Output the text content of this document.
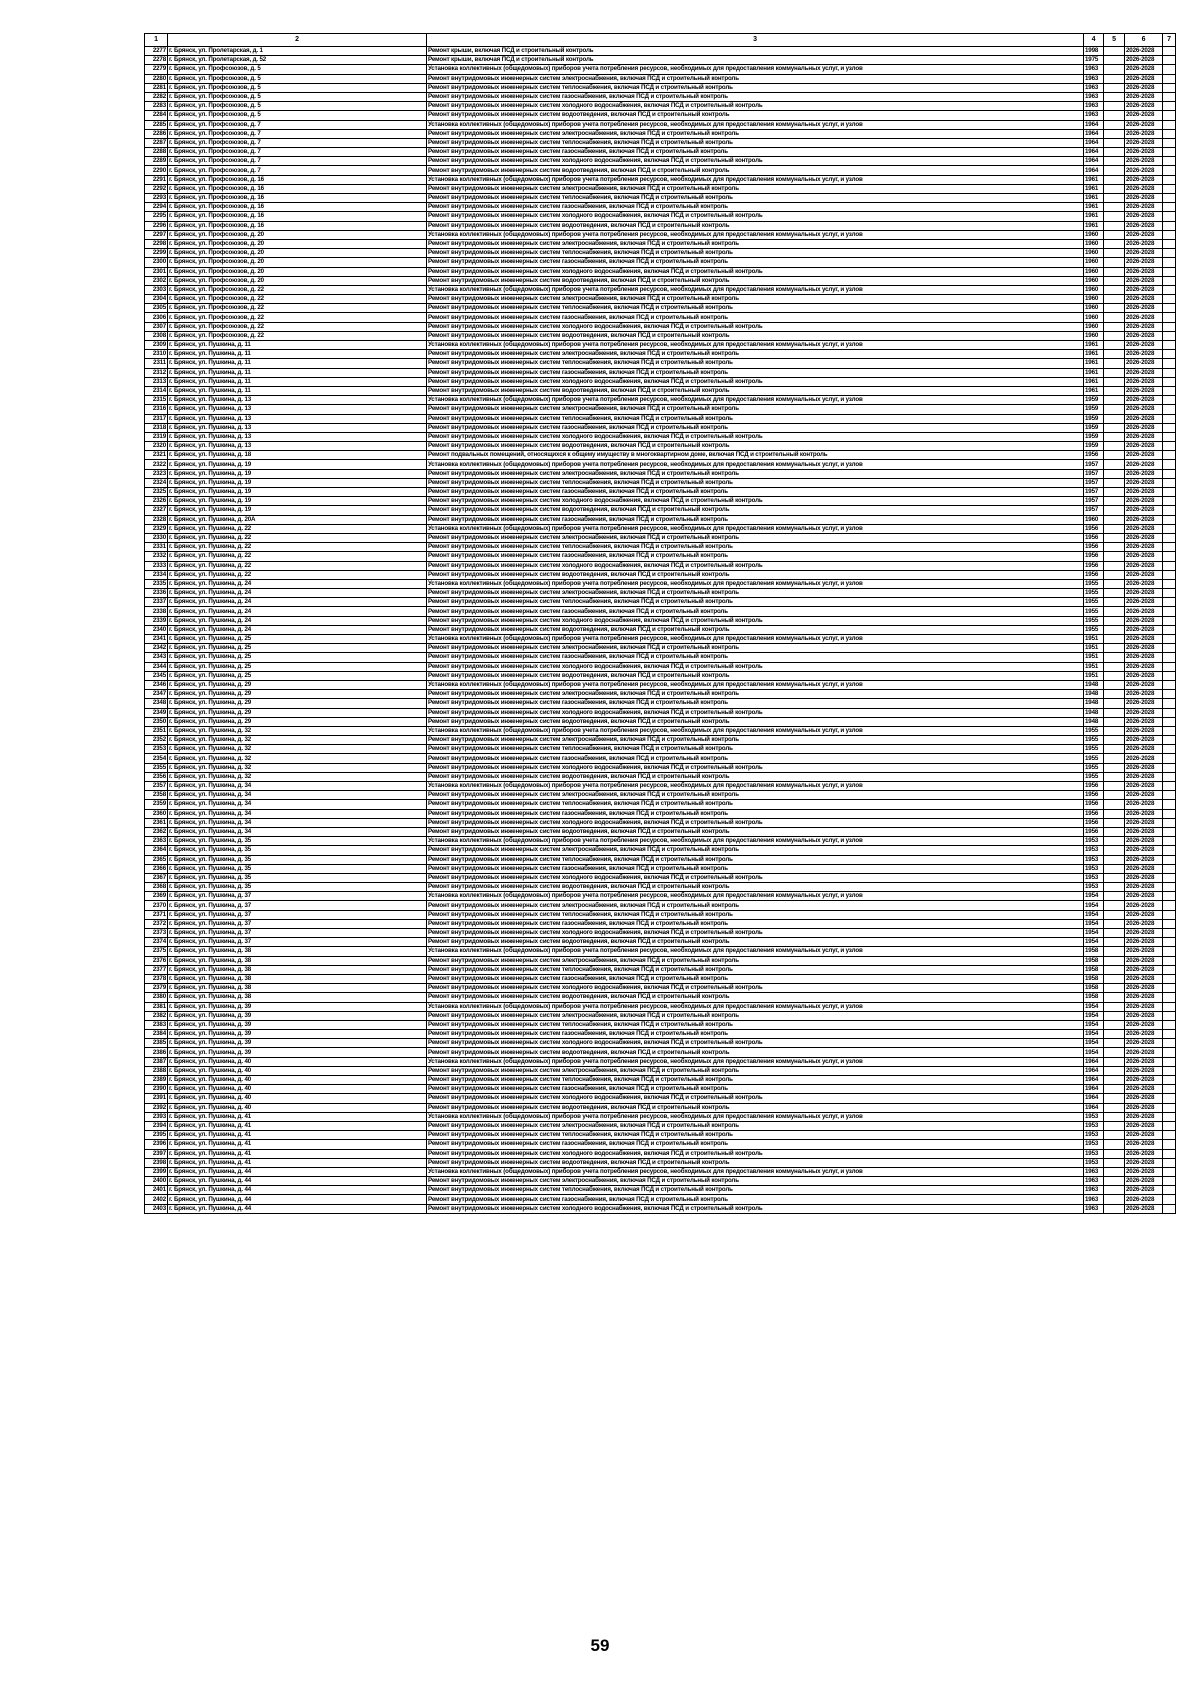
1	2	3	4	5	6	7
2277	г. Брянск, ул. Пролетарская, д. 1	Ремонт крыши, включая ПСД и строительный контроль	1998		2026-2028	
2278	г. Брянск, ул. Пролетарская, д. 52	Ремонт крыши, включая ПСД и строительный контроль	1975		2026-2028	
2279	г. Брянск, ул. Профсоюзов, д. 5	Установка коллективных (общедомовых) приборов учета потребления ресурсов, необходимых для предоставления коммунальных услуг, и узлов	1963		2026-2028	
2280	г. Брянск, ул. Профсоюзов, д. 5	Ремонт внутридомовых инженерных систем электроснабжения, включая ПСД и строительный контроль	1963		2026-2028	
2281	г. Брянск, ул. Профсоюзов, д. 5	Ремонт внутридомовых инженерных систем теплоснабжения, включая ПСД и строительный контроль	1963		2026-2028	
2282	г. Брянск, ул. Профсоюзов, д. 5	Ремонт внутридомовых инженерных систем газоснабжения, включая ПСД и строительный контроль	1963		2026-2028	
2283	г. Брянск, ул. Профсоюзов, д. 5	Ремонт внутридомовых инженерных систем холодного водоснабжения, включая ПСД и строительный контроль	1963		2026-2028	
2284	г. Брянск, ул. Профсоюзов, д. 5	Ремонт внутридомовых инженерных систем водоотведения, включая ПСД и строительный контроль	1963		2026-2028	
2285	г. Брянск, ул. Профсоюзов, д. 7	Установка коллективных (общедомовых) приборов учета потребления ресурсов, необходимых для предоставления коммунальных услуг, и узлов	1964		2026-2028	
2286	г. Брянск, ул. Профсоюзов, д. 7	Ремонт внутридомовых инженерных систем электроснабжения, включая ПСД и строительный контроль	1964		2026-2028	
2287	г. Брянск, ул. Профсоюзов, д. 7	Ремонт внутридомовых инженерных систем теплоснабжения, включая ПСД и строительный контроль	1964		2026-2028	
2288	г. Брянск, ул. Профсоюзов, д. 7	Ремонт внутридомовых инженерных систем газоснабжения, включая ПСД и строительный контроль	1964		2026-2028	
2289	г. Брянск, ул. Профсоюзов, д. 7	Ремонт внутридомовых инженерных систем холодного водоснабжения, включая ПСД и строительный контроль	1964		2026-2028	
2290	г. Брянск, ул. Профсоюзов, д. 7	Ремонт внутридомовых инженерных систем водоотведения, включая ПСД и строительный контроль	1964		2026-2028	
2291	г. Брянск, ул. Профсоюзов, д. 16	Установка коллективных (общедомовых) приборов учета потребления ресурсов, необходимых для предоставления коммунальных услуг, и узлов	1961		2026-2028	
2292	г. Брянск, ул. Профсоюзов, д. 16	Ремонт внутридомовых инженерных систем электроснабжения, включая ПСД и строительный контроль	1961		2026-2028	
2293	г. Брянск, ул. Профсоюзов, д. 16	Ремонт внутридомовых инженерных систем теплоснабжения, включая ПСД и строительный контроль	1961		2026-2028	
2294	г. Брянск, ул. Профсоюзов, д. 16	Ремонт внутридомовых инженерных систем газоснабжения, включая ПСД и строительный контроль	1961		2026-2028	
2295	г. Брянск, ул. Профсоюзов, д. 16	Ремонт внутридомовых инженерных систем холодного водоснабжения, включая ПСД и строительный контроль	1961		2026-2028	
2296	г. Брянск, ул. Профсоюзов, д. 16	Ремонт внутридомовых инженерных систем водоотведения, включая ПСД и строительный контроль	1961		2026-2028	
2297	г. Брянск, ул. Профсоюзов, д. 20	Установка коллективных (общедомовых) приборов учета потребления ресурсов, необходимых для предоставления коммунальных услуг, и узлов	1960		2026-2028	
2298	г. Брянск, ул. Профсоюзов, д. 20	Ремонт внутридомовых инженерных систем электроснабжения, включая ПСД и строительный контроль	1960		2026-2028	
2299	г. Брянск, ул. Профсоюзов, д. 20	Ремонт внутридомовых инженерных систем теплоснабжения, включая ПСД и строительный контроль	1960		2026-2028	
2300	г. Брянск, ул. Профсоюзов, д. 20	Ремонт внутридомовых инженерных систем газоснабжения, включая ПСД и строительный контроль	1960		2026-2028	
2301	г. Брянск, ул. Профсоюзов, д. 20	Ремонт внутридомовых инженерных систем холодного водоснабжения, включая ПСД и строительный контроль	1960		2026-2028	
2302	г. Брянск, ул. Профсоюзов, д. 20	Ремонт внутридомовых инженерных систем водоотведения, включая ПСД и строительный контроль	1960		2026-2028	
2303	г. Брянск, ул. Профсоюзов, д. 22	Установка коллективных (общедомовых) приборов учета потребления ресурсов, необходимых для предоставления коммунальных услуг, и узлов	1960		2026-2028	
2304	г. Брянск, ул. Профсоюзов, д. 22	Ремонт внутридомовых инженерных систем электроснабжения, включая ПСД и строительный контроль	1960		2026-2028	
2305	г. Брянск, ул. Профсоюзов, д. 22	Ремонт внутридомовых инженерных систем теплоснабжения, включая ПСД и строительный контроль	1960		2026-2028	
2306	г. Брянск, ул. Профсоюзов, д. 22	Ремонт внутридомовых инженерных систем газоснабжения, включая ПСД и строительный контроль	1960		2026-2028	
2307	г. Брянск, ул. Профсоюзов, д. 22	Ремонт внутридомовых инженерных систем холодного водоснабжения, включая ПСД и строительный контроль	1960		2026-2028	
2308	г. Брянск, ул. Профсоюзов, д. 22	Ремонт внутридомовых инженерных систем водоотведения, включая ПСД и строительный контроль	1960		2026-2028	
2309	г. Брянск, ул. Пушкина, д. 11	Установка коллективных (общедомовых) приборов учета потребления ресурсов, необходимых для предоставления коммунальных услуг, и узлов	1961		2026-2028	
2310	г. Брянск, ул. Пушкина, д. 11	Ремонт внутридомовых инженерных систем электроснабжения, включая ПСД и строительный контроль	1961		2026-2028	
2311	г. Брянск, ул. Пушкина, д. 11	Ремонт внутридомовых инженерных систем теплоснабжения, включая ПСД и строительный контроль	1961		2026-2028	
2312	г. Брянск, ул. Пушкина, д. 11	Ремонт внутридомовых инженерных систем газоснабжения, включая ПСД и строительный контроль	1961		2026-2028	
2313	г. Брянск, ул. Пушкина, д. 11	Ремонт внутридомовых инженерных систем холодного водоснабжения, включая ПСД и строительный контроль	1961		2026-2028	
2314	г. Брянск, ул. Пушкина, д. 11	Ремонт внутридомовых инженерных систем водоотведения, включая ПСД и строительный контроль	1961		2026-2028	
2315	г. Брянск, ул. Пушкина, д. 13	Установка коллективных (общедомовых) приборов учета потребления ресурсов, необходимых для предоставления коммунальных услуг, и узлов	1959		2026-2028	
2316	г. Брянск, ул. Пушкина, д. 13	Ремонт внутридомовых инженерных систем электроснабжения, включая ПСД и строительный контроль	1959		2026-2028	
2317	г. Брянск, ул. Пушкина, д. 13	Ремонт внутридомовых инженерных систем теплоснабжения, включая ПСД и строительный контроль	1959		2026-2028	
2318	г. Брянск, ул. Пушкина, д. 13	Ремонт внутридомовых инженерных систем газоснабжения, включая ПСД и строительный контроль	1959		2026-2028	
2319	г. Брянск, ул. Пушкина, д. 13	Ремонт внутридомовых инженерных систем холодного водоснабжения, включая ПСД и строительный контроль	1959		2026-2028	
2320	г. Брянск, ул. Пушкина, д. 13	Ремонт внутридомовых инженерных систем водоотведения, включая ПСД и строительный контроль	1959		2026-2028	
2321	г. Брянск, ул. Пушкина, д. 18	Ремонт подвальных помещений, относящихся к общему имуществу в многоквартирном доме, включая ПСД и строительный контроль	1956		2026-2028	
2322	г. Брянск, ул. Пушкина, д. 19	Установка коллективных (общедомовых) приборов учета потребления ресурсов, необходимых для предоставления коммунальных услуг, и узлов	1957		2026-2028	
2323	г. Брянск, ул. Пушкина, д. 19	Ремонт внутридомовых инженерных систем электроснабжения, включая ПСД и строительный контроль	1957		2026-2028	
2324	г. Брянск, ул. Пушкина, д. 19	Ремонт внутридомовых инженерных систем теплоснабжения, включая ПСД и строительный контроль	1957		2026-2028	
2325	г. Брянск, ул. Пушкина, д. 19	Ремонт внутридомовых инженерных систем газоснабжения, включая ПСД и строительный контроль	1957		2026-2028	
2326	г. Брянск, ул. Пушкина, д. 19	Ремонт внутридомовых инженерных систем холодного водоснабжения, включая ПСД и строительный контроль	1957		2026-2028	
2327	г. Брянск, ул. Пушкина, д. 19	Ремонт внутридомовых инженерных систем водоотведения, включая ПСД и строительный контроль	1957		2026-2028	
2328	г. Брянск, ул. Пушкина, д. 20А	Ремонт внутридомовых инженерных систем газоснабжения, включая ПСД и строительный контроль	1960		2026-2028	
2329	г. Брянск, ул. Пушкина, д. 22	Установка коллективных (общедомовых) приборов учета потребления ресурсов, необходимых для предоставления коммунальных услуг, и узлов	1956		2026-2028	
2330	г. Брянск, ул. Пушкина, д. 22	Ремонт внутридомовых инженерных систем электроснабжения, включая ПСД и строительный контроль	1956		2026-2028	
2331	г. Брянск, ул. Пушкина, д. 22	Ремонт внутридомовых инженерных систем теплоснабжения, включая ПСД и строительный контроль	1956		2026-2028	
2332	г. Брянск, ул. Пушкина, д. 22	Ремонт внутридомовых инженерных систем газоснабжения, включая ПСД и строительный контроль	1956		2026-2028	
2333	г. Брянск, ул. Пушкина, д. 22	Ремонт внутридомовых инженерных систем холодного водоснабжения, включая ПСД и строительный контроль	1956		2026-2028	
2334	г. Брянск, ул. Пушкина, д. 22	Ремонт внутридомовых инженерных систем водоотведения, включая ПСД и строительный контроль	1956		2026-2028	
2335	г. Брянск, ул. Пушкина, д. 24	Установка коллективных (общедомовых) приборов учета потребления ресурсов, необходимых для предоставления коммунальных услуг, и узлов	1955		2026-2028	
2336	г. Брянск, ул. Пушкина, д. 24	Ремонт внутридомовых инженерных систем электроснабжения, включая ПСД и строительный контроль	1955		2026-2028	
2337	г. Брянск, ул. Пушкина, д. 24	Ремонт внутридомовых инженерных систем теплоснабжения, включая ПСД и строительный контроль	1955		2026-2028	
2338	г. Брянск, ул. Пушкина, д. 24	Ремонт внутридомовых инженерных систем газоснабжения, включая ПСД и строительный контроль	1955		2026-2028	
2339	г. Брянск, ул. Пушкина, д. 24	Ремонт внутридомовых инженерных систем холодного водоснабжения, включая ПСД и строительный контроль	1955		2026-2028	
2340	г. Брянск, ул. Пушкина, д. 24	Ремонт внутридомовых инженерных систем водоотведения, включая ПСД и строительный контроль	1955		2026-2028	
2341	г. Брянск, ул. Пушкина, д. 25	Установка коллективных (общедомовых) приборов учета потребления ресурсов, необходимых для предоставления коммунальных услуг, и узлов	1951		2026-2028	
2342	г. Брянск, ул. Пушкина, д. 25	Ремонт внутридомовых инженерных систем электроснабжения, включая ПСД и строительный контроль	1951		2026-2028	
2343	г. Брянск, ул. Пушкина, д. 25	Ремонт внутридомовых инженерных систем газоснабжения, включая ПСД и строительный контроль	1951		2026-2028	
2344	г. Брянск, ул. Пушкина, д. 25	Ремонт внутридомовых инженерных систем холодного водоснабжения, включая ПСД и строительный контроль	1951		2026-2028	
2345	г. Брянск, ул. Пушкина, д. 25	Ремонт внутридомовых инженерных систем водоотведения, включая ПСД и строительный контроль	1951		2026-2028	
2346	г. Брянск, ул. Пушкина, д. 29	Установка коллективных (общедомовых) приборов учета потребления ресурсов, необходимых для предоставления коммунальных услуг, и узлов	1948		2026-2028	
2347	г. Брянск, ул. Пушкина, д. 29	Ремонт внутридомовых инженерных систем электроснабжения, включая ПСД и строительный контроль	1948		2026-2028	
2348	г. Брянск, ул. Пушкина, д. 29	Ремонт внутридомовых инженерных систем газоснабжения, включая ПСД и строительный контроль	1948		2026-2028	
2349	г. Брянск, ул. Пушкина, д. 29	Ремонт внутридомовых инженерных систем холодного водоснабжения, включая ПСД и строительный контроль	1948		2026-2028	
2350	г. Брянск, ул. Пушкина, д. 29	Ремонт внутридомовых инженерных систем водоотведения, включая ПСД и строительный контроль	1948		2026-2028	
2351	г. Брянск, ул. Пушкина, д. 32	Установка коллективных (общедомовых) приборов учета потребления ресурсов, необходимых для предоставления коммунальных услуг, и узлов	1955		2026-2028	
2352	г. Брянск, ул. Пушкина, д. 32	Ремонт внутридомовых инженерных систем электроснабжения, включая ПСД и строительный контроль	1955		2026-2028	
2353	г. Брянск, ул. Пушкина, д. 32	Ремонт внутридомовых инженерных систем теплоснабжения, включая ПСД и строительный контроль	1955		2026-2028	
2354	г. Брянск, ул. Пушкина, д. 32	Ремонт внутридомовых инженерных систем газоснабжения, включая ПСД и строительный контроль	1955		2026-2028	
2355	г. Брянск, ул. Пушкина, д. 32	Ремонт внутридомовых инженерных систем холодного водоснабжения, включая ПСД и строительный контроль	1955		2026-2028	
2356	г. Брянск, ул. Пушкина, д. 32	Ремонт внутридомовых инженерных систем водоотведения, включая ПСД и строительный контроль	1955		2026-2028	
2357	г. Брянск, ул. Пушкина, д. 34	Установка коллективных (общедомовых) приборов учета потребления ресурсов, необходимых для предоставления коммунальных услуг, и узлов	1956		2026-2028	
2358	г. Брянск, ул. Пушкина, д. 34	Ремонт внутридомовых инженерных систем электроснабжения, включая ПСД и строительный контроль	1956		2026-2028	
2359	г. Брянск, ул. Пушкина, д. 34	Ремонт внутридомовых инженерных систем теплоснабжения, включая ПСД и строительный контроль	1956		2026-2028	
2360	г. Брянск, ул. Пушкина, д. 34	Ремонт внутридомовых инженерных систем газоснабжения, включая ПСД и строительный контроль	1956		2026-2028	
2361	г. Брянск, ул. Пушкина, д. 34	Ремонт внутридомовых инженерных систем холодного водоснабжения, включая ПСД и строительный контроль	1956		2026-2028	
2362	г. Брянск, ул. Пушкина, д. 34	Ремонт внутридомовых инженерных систем водоотведения, включая ПСД и строительный контроль	1956		2026-2028	
2363	г. Брянск, ул. Пушкина, д. 35	Установка коллективных (общедомовых) приборов учета потребления ресурсов, необходимых для предоставления коммунальных услуг, и узлов	1953		2026-2028	
2364	г. Брянск, ул. Пушкина, д. 35	Ремонт внутридомовых инженерных систем электроснабжения, включая ПСД и строительный контроль	1953		2026-2028	
2365	г. Брянск, ул. Пушкина, д. 35	Ремонт внутридомовых инженерных систем теплоснабжения, включая ПСД и строительный контроль	1953		2026-2028	
2366	г. Брянск, ул. Пушкина, д. 35	Ремонт внутридомовых инженерных систем газоснабжения, включая ПСД и строительный контроль	1953		2026-2028	
2367	г. Брянск, ул. Пушкина, д. 35	Ремонт внутридомовых инженерных систем холодного водоснабжения, включая ПСД и строительный контроль	1953		2026-2028	
2368	г. Брянск, ул. Пушкина, д. 35	Ремонт внутридомовых инженерных систем водоотведения, включая ПСД и строительный контроль	1953		2026-2028	
2369	г. Брянск, ул. Пушкина, д. 37	Установка коллективных (общедомовых) приборов учета потребления ресурсов, необходимых для предоставления коммунальных услуг, и узлов	1954		2026-2028	
2370	г. Брянск, ул. Пушкина, д. 37	Ремонт внутридомовых инженерных систем электроснабжения, включая ПСД и строительный контроль	1954		2026-2028	
2371	г. Брянск, ул. Пушкина, д. 37	Ремонт внутридомовых инженерных систем теплоснабжения, включая ПСД и строительный контроль	1954		2026-2028	
2372	г. Брянск, ул. Пушкина, д. 37	Ремонт внутридомовых инженерных систем газоснабжения, включая ПСД и строительный контроль	1954		2026-2028	
2373	г. Брянск, ул. Пушкина, д. 37	Ремонт внутридомовых инженерных систем холодного водоснабжения, включая ПСД и строительный контроль	1954		2026-2028	
2374	г. Брянск, ул. Пушкина, д. 37	Ремонт внутридомовых инженерных систем водоотведения, включая ПСД и строительный контроль	1954		2026-2028	
2375	г. Брянск, ул. Пушкина, д. 38	Установка коллективных (общедомовых) приборов учета потребления ресурсов, необходимых для предоставления коммунальных услуг, и узлов	1958		2026-2028	
2376	г. Брянск, ул. Пушкина, д. 38	Ремонт внутридомовых инженерных систем электроснабжения, включая ПСД и строительный контроль	1958		2026-2028	
2377	г. Брянск, ул. Пушкина, д. 38	Ремонт внутридомовых инженерных систем теплоснабжения, включая ПСД и строительный контроль	1958		2026-2028	
2378	г. Брянск, ул. Пушкина, д. 38	Ремонт внутридомовых инженерных систем газоснабжения, включая ПСД и строительный контроль	1958		2026-2028	
2379	г. Брянск, ул. Пушкина, д. 38	Ремонт внутридомовых инженерных систем холодного водоснабжения, включая ПСД и строительный контроль	1958		2026-2028	
2380	г. Брянск, ул. Пушкина, д. 38	Ремонт внутридомовых инженерных систем водоотведения, включая ПСД и строительный контроль	1958		2026-2028	
2381	г. Брянск, ул. Пушкина, д. 39	Установка коллективных (общедомовых) приборов учета потребления ресурсов, необходимых для предоставления коммунальных услуг, и узлов	1954		2026-2028	
2382	г. Брянск, ул. Пушкина, д. 39	Ремонт внутридомовых инженерных систем электроснабжения, включая ПСД и строительный контроль	1954		2026-2028	
2383	г. Брянск, ул. Пушкина, д. 39	Ремонт внутридомовых инженерных систем теплоснабжения, включая ПСД и строительный контроль	1954		2026-2028	
2384	г. Брянск, ул. Пушкина, д. 39	Ремонт внутридомовых инженерных систем газоснабжения, включая ПСД и строительный контроль	1954		2026-2028	
2385	г. Брянск, ул. Пушкина, д. 39	Ремонт внутридомовых инженерных систем холодного водоснабжения, включая ПСД и строительный контроль	1954		2026-2028	
2386	г. Брянск, ул. Пушкина, д. 39	Ремонт внутридомовых инженерных систем водоотведения, включая ПСД и строительный контроль	1954		2026-2028	
2387	г. Брянск, ул. Пушкина, д. 40	Установка коллективных (общедомовых) приборов учета потребления ресурсов, необходимых для предоставления коммунальных услуг, и узлов	1964		2026-2028	
2388	г. Брянск, ул. Пушкина, д. 40	Ремонт внутридомовых инженерных систем электроснабжения, включая ПСД и строительный контроль	1964		2026-2028	
2389	г. Брянск, ул. Пушкина, д. 40	Ремонт внутридомовых инженерных систем теплоснабжения, включая ПСД и строительный контроль	1964		2026-2028	
2390	г. Брянск, ул. Пушкина, д. 40	Ремонт внутридомовых инженерных систем газоснабжения, включая ПСД и строительный контроль	1964		2026-2028	
2391	г. Брянск, ул. Пушкина, д. 40	Ремонт внутридомовых инженерных систем холодного водоснабжения, включая ПСД и строительный контроль	1964		2026-2028	
2392	г. Брянск, ул. Пушкина, д. 40	Ремонт внутридомовых инженерных систем водоотведения, включая ПСД и строительный контроль	1964		2026-2028	
2393	г. Брянск, ул. Пушкина, д. 41	Установка коллективных (общедомовых) приборов учета потребления ресурсов, необходимых для предоставления коммунальных услуг, и узлов	1953		2026-2028	
2394	г. Брянск, ул. Пушкина, д. 41	Ремонт внутридомовых инженерных систем электроснабжения, включая ПСД и строительный контроль	1953		2026-2028	
2395	г. Брянск, ул. Пушкина, д. 41	Ремонт внутридомовых инженерных систем теплоснабжения, включая ПСД и строительный контроль	1953		2026-2028	
2396	г. Брянск, ул. Пушкина, д. 41	Ремонт внутридомовых инженерных систем газоснабжения, включая ПСД и строительный контроль	1953		2026-2028	
2397	г. Брянск, ул. Пушкина, д. 41	Ремонт внутридомовых инженерных систем холодного водоснабжения, включая ПСД и строительный контроль	1953		2026-2028	
2398	г. Брянск, ул. Пушкина, д. 41	Ремонт внутридомовых инженерных систем водоотведения, включая ПСД и строительный контроль	1953		2026-2028	
2399	г. Брянск, ул. Пушкина, д. 44	Установка коллективных (общедомовых) приборов учета потребления ресурсов, необходимых для предоставления коммунальных услуг, и узлов	1963		2026-2028	
2400	г. Брянск, ул. Пушкина, д. 44	Ремонт внутридомовых инженерных систем электроснабжения, включая ПСД и строительный контроль	1963		2026-2028	
2401	г. Брянск, ул. Пушкина, д. 44	Ремонт внутридомовых инженерных систем теплоснабжения, включая ПСД и строительный контроль	1963		2026-2028	
2402	г. Брянск, ул. Пушкина, д. 44	Ремонт внутридомовых инженерных систем газоснабжения, включая ПСД и строительный контроль	1963		2026-2028	
2403	г. Брянск, ул. Пушкина, д. 44	Ремонт внутридомовых инженерных систем холодного водоснабжения, включая ПСД и строительный контроль	1963		2026-2028	
59
